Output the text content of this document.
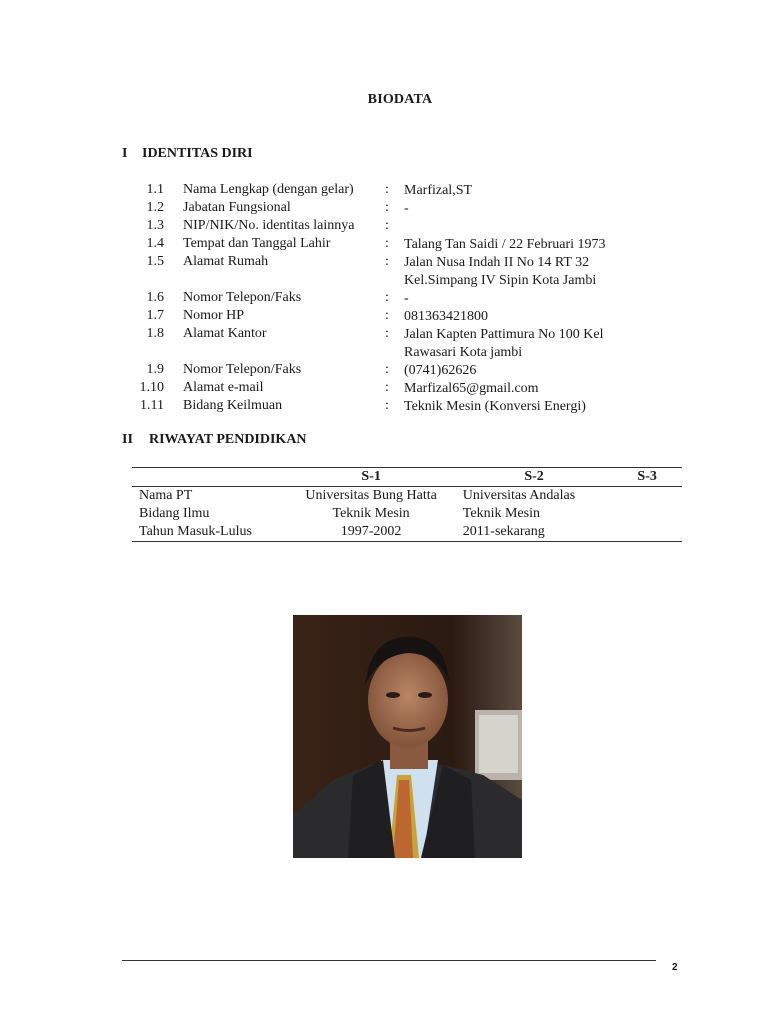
BIODATA
I IDENTITAS DIRI
1.1 Nama Lengkap (dengan gelar) : Marfizal,ST
1.2 Jabatan Fungsional	: -
1.3 NIP/NIK/No. identitas lainnya :
1.4 Tempat dan Tanggal Lahir	: Talang Tan Saidi / 22 Februari 1973
1.5 Alamat Rumah	: Jalan Nusa Indah II No 14 RT 32
Kel.Simpang IV Sipin Kota Jambi
1.6 Nomor Telepon/Faks	: -
1.7 Nomor HP	: 081363421800
1.8 Alamat Kantor	: Jalan Kapten Pattimura No 100 Kel
Rawasari Kota jambi
1.9 Nomor Telepon/Faks	: (0741)62626
1.10 Alamat e-mail	: Marfizal65@gmail.com
1.11 Bidang Keilmuan	: Teknik Mesin (Konversi Energi)
II RIWAYAT PENDIDIKAN
	S-1	S-2	S-3
Nama PT	Universitas Bung Hatta	Universitas Andalas	
Bidang Ilmu	Teknik Mesin	Teknik Mesin	
Tahun Masuk-Lulus	1997-2002	2011-sekarang	
2
